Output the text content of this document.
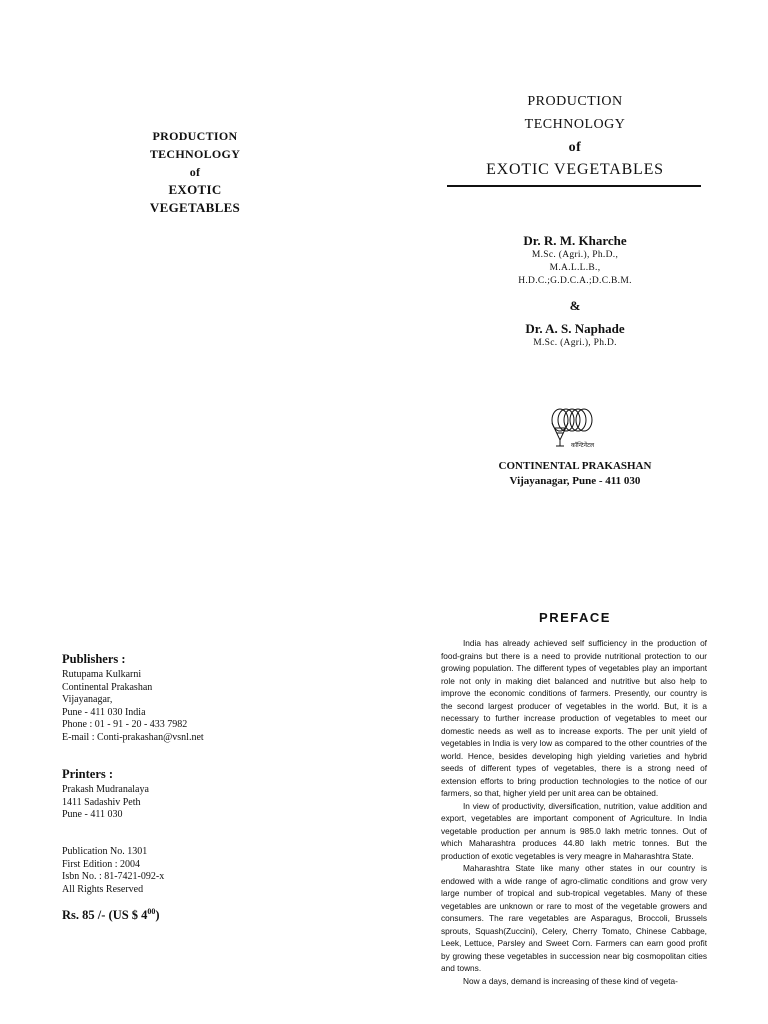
PRODUCTION
TECHNOLOGY
of
EXOTIC
VEGETABLES
PRODUCTION
TECHNOLOGY
of
EXOTIC VEGETABLES
Dr. R. M. Kharche
M.Sc. (Agri.), Ph.D.,
M.A.L.L.B.,
H.D.C.;G.D.C.A.;D.C.B.M.
&
Dr. A. S. Naphade
M.Sc. (Agri.), Ph.D.
कॉन्टिनेंटल
CONTINENTAL PRAKASHAN
Vijayanagar, Pune - 411 030
Publishers :
Rutupama Kulkarni
Continental Prakashan
Vijayanagar,
Pune - 411 030 India
Phone : 01 - 91 - 20 - 433 7982
E-mail : Conti-prakashan@vsnl.net
Printers :
Prakash Mudranalaya
1411 Sadashiv Peth
Pune - 411 030
Publication No. 1301
First Edition : 2004
Isbn No. : 81-7421-092-x
All Rights Reserved
Rs. 85 /- (US $ $4^{00}$)
PREFACE

India has already achieved self sufficiency in the production of food-grains but there is a need to provide nutritional protection to our growing population. The different types of vegetables play an important role not only in making diet balanced and nutritive but also help to improve the economic conditions of farmers. Presently, our country is the second largest producer of vegetables in the world. But, it is a necessary to further increase production of vegetables to meet our domestic needs as well as to increase exports. The per unit yield of vegetables in India is very low as compared to the other countries of the world. Hence, besides developing high yielding varieties and hybrid seeds of different types of vegetables, there is a strong need of extension efforts to bring production technologies to the notice of our farmers, so that, higher yield per unit area can be obtained.

In view of productivity, diversification, nutrition, value addition and export, vegetables are important component of Agriculture. In India vegetable production per annum is 985.0 lakh metric tonnes. Out of which Maharashtra produces 44.80 lakh metric tonnes. But the production of exotic vegetables is very meagre in Maharashtra State.

Maharashtra State like many other states in our country is endowed with a wide range of agro-climatic conditions and grow very large number of tropical and sub-tropical vegetables. Many of these vegetables are unknown or rare to most of the vegetable growers and consumers. The rare vegetables are Asparagus, Broccoli, Brussels sprouts, Squash(Zuccini), Celery, Cherry Tomato, Chinese Cabbage, Leek, Lettuce, Parsley and Sweet Corn. Farmers can earn good profit by growing these vegetables in succession near big cosmopolitan cities and towns.

Now a days, demand is increasing of these kind of vegeta-
